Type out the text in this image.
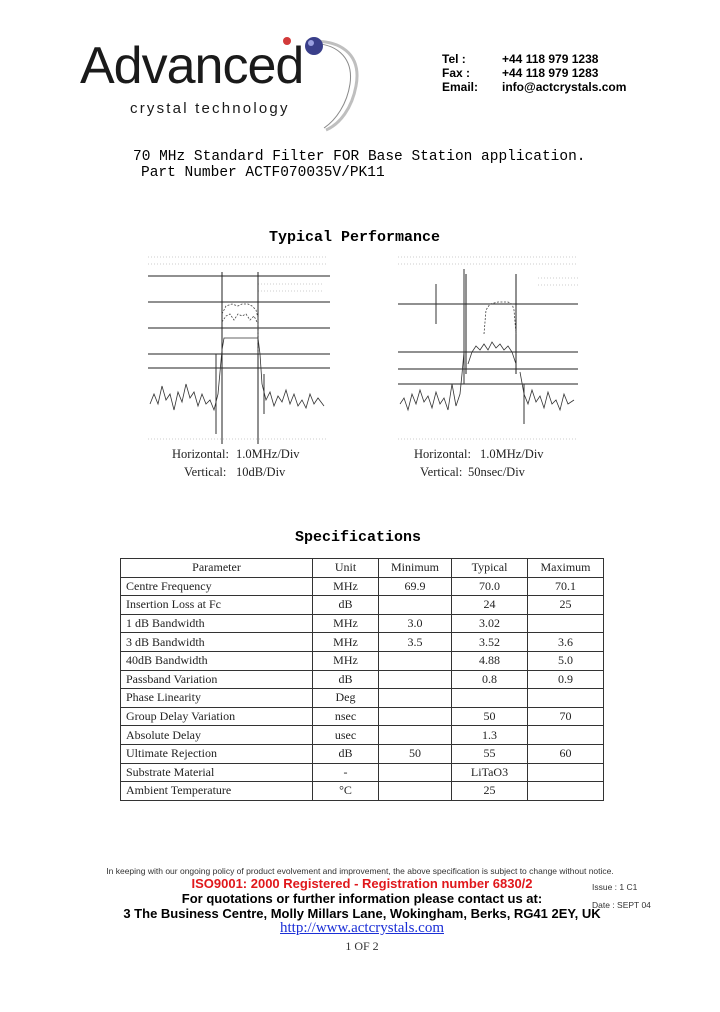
Advanced
crystal technology
Tel :	+44 118 979 1238
Fax :	+44 118 979 1283
Email:	info@actcrystals.com
70 MHz Standard Filter FOR Base Station application.
Part Number ACTF070035V/PK11
Typical Performance
Horizontal: 1.0MHz/Div
Vertical: 10dB/Div
Horizontal: 1.0MHz/Div
Vertical: 50nsec/Div
Specifications
Parameter	Unit	Minimum	Typical	Maximum
Centre Frequency	MHz	69.9	70.0	70.1
Insertion Loss at Fc	dB		24	25
1 dB Bandwidth	MHz	3.0	3.02	
3 dB Bandwidth	MHz	3.5	3.52	3.6
40dB Bandwidth	MHz		4.88	5.0
Passband Variation	dB		0.8	0.9
Phase Linearity	Deg			
Group Delay Variation	nsec		50	70
Absolute Delay	usec		1.3	
Ultimate Rejection	dB	50	55	60
Substrate Material	-		LiTaO3	
Ambient Temperature	°C		25	
In keeping with our ongoing policy of product evolvement and improvement, the above specification is subject to change without notice.
ISO9001: 2000 Registered - Registration number 6830/2
For quotations or further information please contact us at:
3 The Business Centre, Molly Millars Lane, Wokingham, Berks, RG41 2EY, UK
http://www.actcrystals.com
1 OF 2
Issue : 1 C1
Date : SEPT 04
